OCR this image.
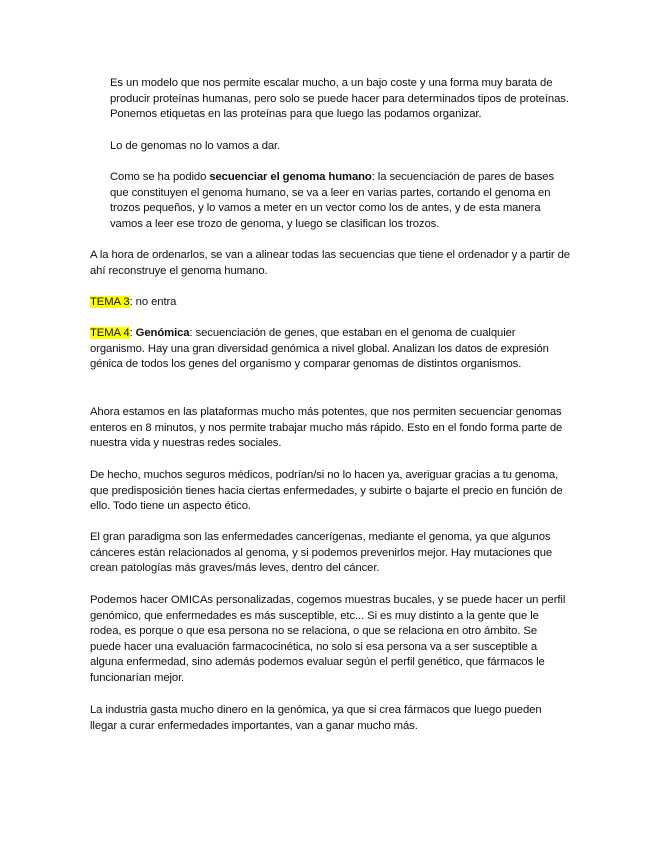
Es un modelo que nos permite escalar mucho, a un bajo coste y una forma muy barata de producir proteínas humanas, pero solo se puede hacer para determinados tipos de proteínas. Ponemos etiquetas en las proteínas para que luego las podamos organizar.

Lo de genomas no lo vamos a dar.

Como se ha podido secuenciar el genoma humano: la secuenciación de pares de bases que constituyen el genoma humano, se va a leer en varias partes, cortando el genoma en trozos pequeños, y lo vamos a meter en un vector como los de antes, y de esta manera vamos a leer ese trozo de genoma, y luego se clasifican los trozos.

A la hora de ordenarlos, se van a alinear todas las secuencias que tiene el ordenador y a partir de ahí reconstruye el genoma humano.

TEMA 3: no entra

TEMA 4: Genómica: secuenciación de genes, que estaban en el genoma de cualquier organismo. Hay una gran diversidad genómica a nivel global. Analizan los datos de expresión génica de todos los genes del organismo y comparar genomas de distintos organismos.

Ahora estamos en las plataformas mucho más potentes, que nos permiten secuenciar genomas enteros en 8 minutos, y nos permite trabajar mucho más rápido. Esto en el fondo forma parte de nuestra vida y nuestras redes sociales.

De hecho, muchos seguros médicos, podrían/si no lo hacen ya, averiguar gracias a tu genoma, que predisposición tienes hacia ciertas enfermedades, y subirte o bajarte el precio en función de ello. Todo tiene un aspecto ético.

El gran paradigma son las enfermedades cancerígenas, mediante el genoma, ya que algunos cánceres están relacionados al genoma, y si podemos prevenirlos mejor. Hay mutaciones que crean patologías más graves/más leves, dentro del cáncer.

Podemos hacer OMICAs personalizadas, cogemos muestras bucales, y se puede hacer un perfil genómico, que enfermedades es más susceptible, etc... Si es muy distinto a la gente que le rodea, es porque o que esa persona no se relaciona, o que se relaciona en otro ámbito. Se puede hacer una evaluación farmacocinética, no solo si esa persona va a ser susceptible a alguna enfermedad, sino además podemos evaluar según el perfil genético, que fármacos le funcionarían mejor.

La industria gasta mucho dinero en la genómica, ya que si crea fármacos que luego pueden llegar a curar enfermedades importantes, van a ganar mucho más.
